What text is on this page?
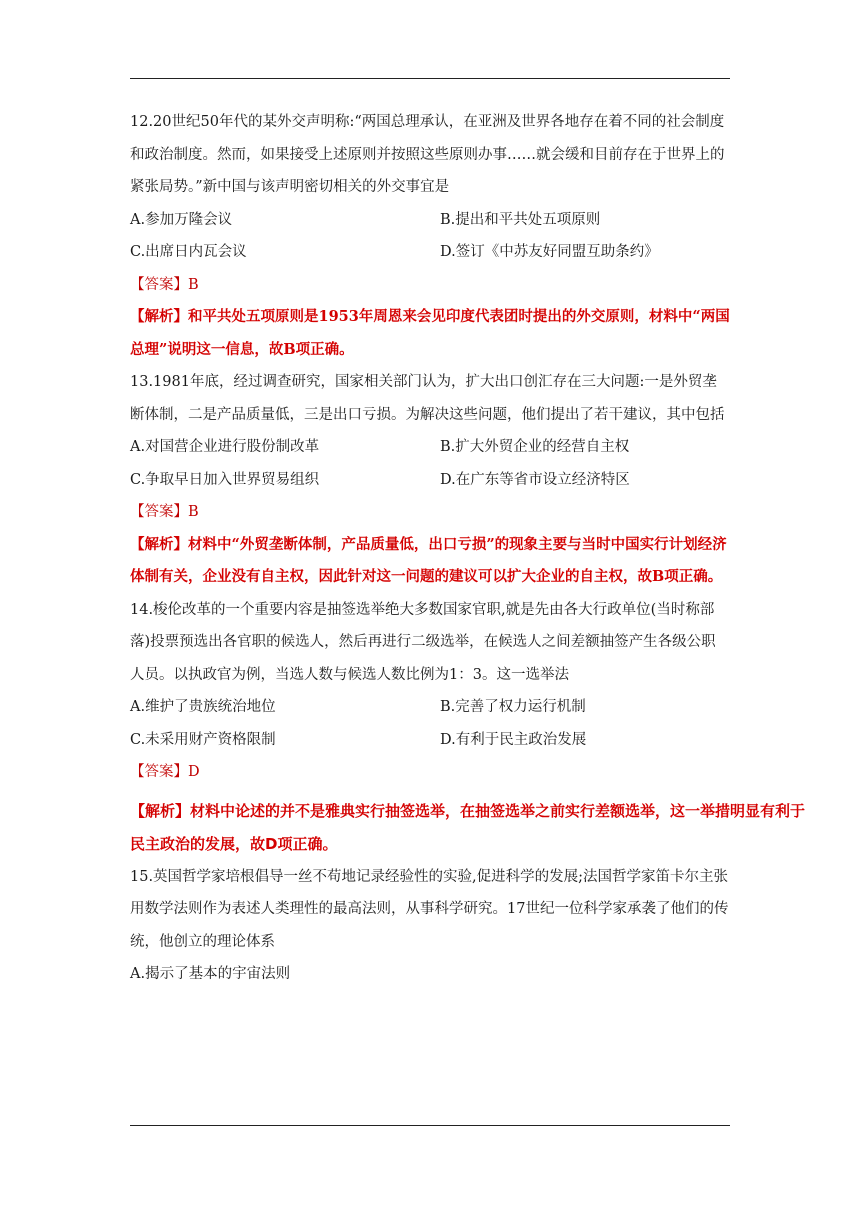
12.20世纪50年代的某外交声明称:“两国总理承认，在亚洲及世界各地存在着不同的社会制度和政治制度。然而，如果接受上述原则并按照这些原则办事……就会缓和目前存在于世界上的紧张局势。”新中国与该声明密切相关的外交事宜是

A.参加万隆会议	B.提出和平共处五项原则
C.出席日内瓦会议	D.签订《中苏友好同盟互助条约》
【答案】B

【解析】和平共处五项原则是1953年周恩来会见印度代表团时提出的外交原则，材料中“两国总理”说明这一信息，故B项正确。

13.1981年底，经过调查研究，国家相关部门认为，扩大出口创汇存在三大问题:一是外贸垄断体制，二是产品质量低，三是出口亏损。为解决这些问题，他们提出了若干建议，其中包括

A.对国营企业进行股份制改革	B.扩大外贸企业的经营自主权
C.争取早日加入世界贸易组织	D.在广东等省市设立经济特区
【答案】B

【解析】材料中“外贸垄断体制，产品质量低，出口亏损”的现象主要与当时中国实行计划经济体制有关，企业没有自主权，因此针对这一问题的建议可以扩大企业的自主权，故B项正确。

14.梭伦改革的一个重要内容是抽签选举绝大多数国家官职,就是先由各大行政单位(当时称部落)投票预选出各官职的候选人，然后再进行二级选举，在候选人之间差额抽签产生各级公职人员。以执政官为例，当选人数与候选人数比例为1：3。这一选举法

A.维护了贵族统治地位	B.完善了权力运行机制
C.未采用财产资格限制	D.有利于民主政治发展
【答案】D

【解析】材料中论述的并不是雅典实行抽签选举，在抽签选举之前实行差额选举，这一举措明显有利于民主政治的发展，故D项正确。

15.英国哲学家培根倡导一丝不苟地记录经验性的实验,促进科学的发展;法国哲学家笛卡尔主张用数学法则作为表述人类理性的最高法则，从事科学研究。17世纪一位科学家承袭了他们的传统，他创立的理论体系

A.揭示了基本的宇宙法则
